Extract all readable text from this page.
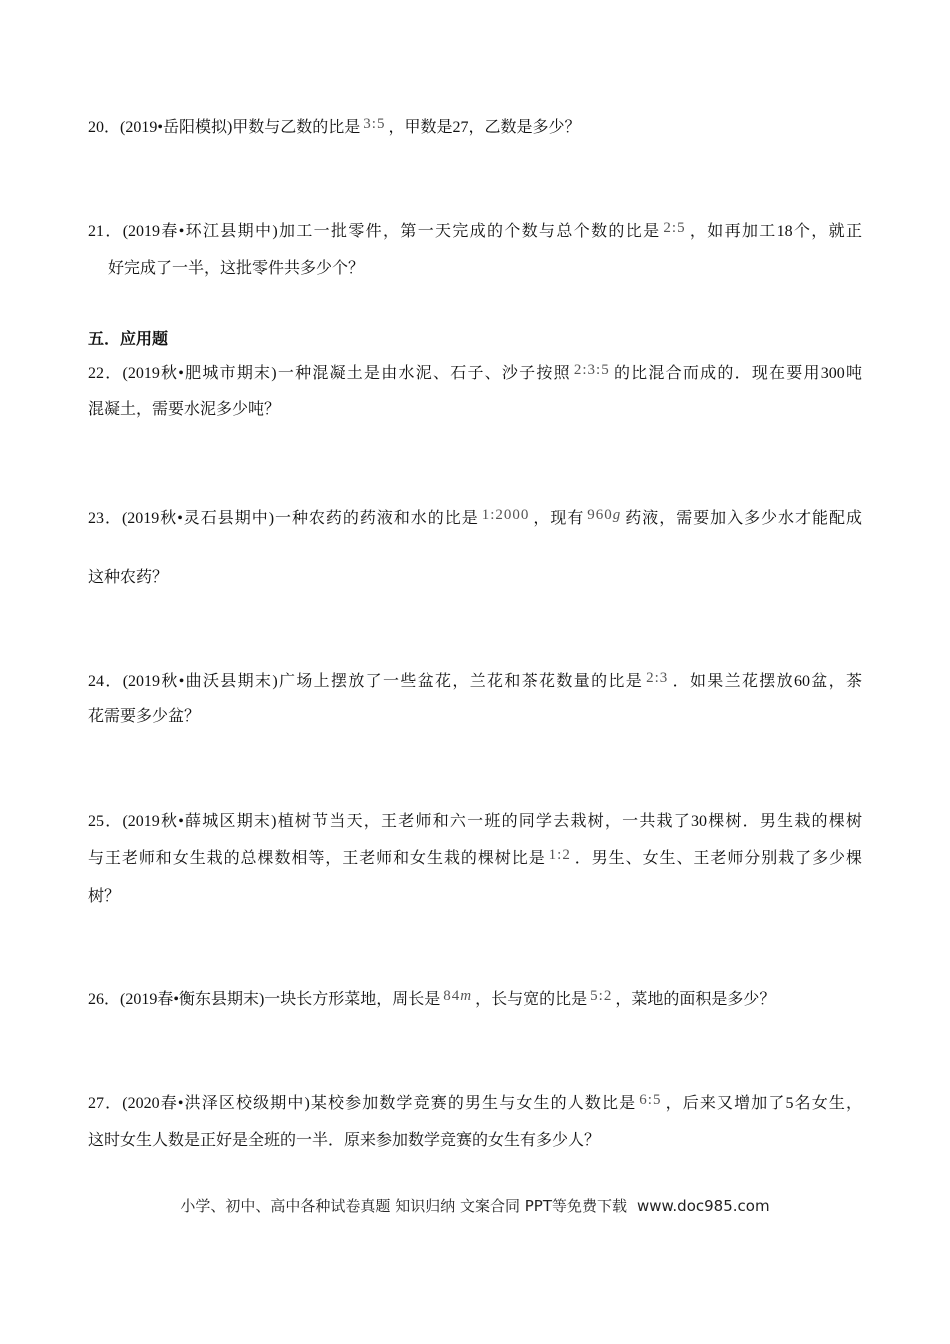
20．(2019•岳阳模拟)甲数与乙数的比是 3:5 ，甲数是27，乙数是多少？
21．(2019春•环江县期中)加工一批零件，第一天完成的个数与总个数的比是 2:5 ，如再加工18个，就正
好完成了一半，这批零件共多少个？
五．应用题
22．(2019秋•肥城市期末)一种混凝土是由水泥、石子、沙子按照 2:3:5 的比混合而成的．现在要用300吨
混凝土，需要水泥多少吨？
23．(2019秋•灵石县期中)一种农药的药液和水的比是 1:2000 ，现有 960g 药液，需要加入多少水才能配成
这种农药？
24．(2019秋•曲沃县期末)广场上摆放了一些盆花，兰花和茶花数量的比是 2:3 ．如果兰花摆放60盆，茶
花需要多少盆？
25．(2019秋•薛城区期末)植树节当天，王老师和六一班的同学去栽树，一共栽了30棵树．男生栽的棵树
与王老师和女生栽的总棵数相等，王老师和女生栽的棵树比是 1:2 ．男生、女生、王老师分别栽了多少棵
树？
26．(2019春•衡东县期末)一块长方形菜地，周长是 84m ，长与宽的比是 5:2 ，菜地的面积是多少？
27．(2020春•洪泽区校级期中)某校参加数学竞赛的男生与女生的人数比是 6:5 ，后来又增加了5名女生，
这时女生人数是正好是全班的一半．原来参加数学竞赛的女生有多少人？
小学、初中、高中各种试卷真题 知识归纳 文案合同 PPT等免费下载 www.doc985.com
